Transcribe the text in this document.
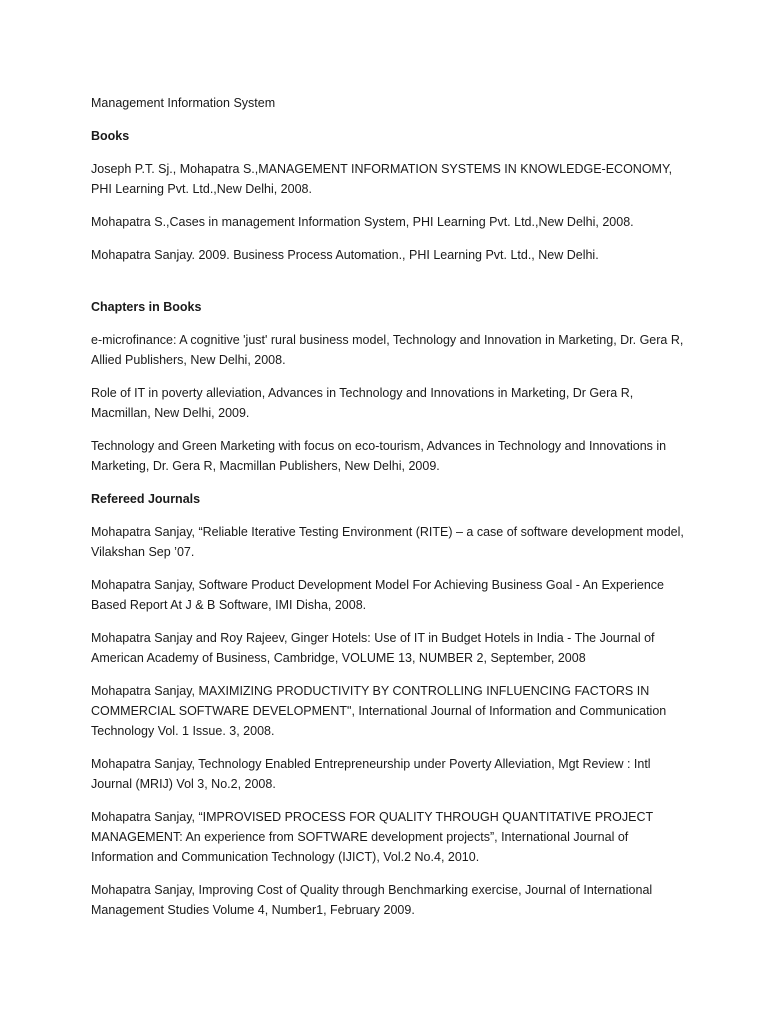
Management Information System

Books

Joseph P.T. Sj., Mohapatra S.,MANAGEMENT INFORMATION SYSTEMS IN KNOWLEDGE-ECONOMY, PHI Learning Pvt. Ltd.,New Delhi, 2008.

Mohapatra S.,Cases in management Information System, PHI Learning Pvt. Ltd.,New Delhi, 2008.

Mohapatra Sanjay. 2009. Business Process Automation., PHI Learning Pvt. Ltd., New Delhi.

Chapters in Books

e-microfinance: A cognitive 'just' rural business model, Technology and Innovation in Marketing, Dr. Gera R, Allied Publishers, New Delhi, 2008.

Role of IT in poverty alleviation, Advances in Technology and Innovations in Marketing, Dr Gera R, Macmillan, New Delhi, 2009.

Technology and Green Marketing with focus on eco-tourism, Advances in Technology and Innovations in Marketing, Dr. Gera R, Macmillan Publishers, New Delhi, 2009.

Refereed Journals

Mohapatra Sanjay, “Reliable Iterative Testing Environment (RITE) – a case of software development model, Vilakshan Sep ’07.

Mohapatra Sanjay, Software Product Development Model For Achieving Business Goal - An Experience Based Report At J & B Software, IMI Disha, 2008.

Mohapatra Sanjay and Roy Rajeev, Ginger Hotels: Use of IT in Budget Hotels in India - The Journal of American Academy of Business, Cambridge, VOLUME 13, NUMBER 2, September, 2008

Mohapatra Sanjay, MAXIMIZING PRODUCTIVITY BY CONTROLLING INFLUENCING FACTORS IN COMMERCIAL SOFTWARE DEVELOPMENT", International Journal of Information and Communication Technology Vol. 1 Issue. 3, 2008.

Mohapatra Sanjay, Technology Enabled Entrepreneurship under Poverty Alleviation, Mgt Review : Intl Journal (MRIJ) Vol 3, No.2, 2008.

Mohapatra Sanjay, “IMPROVISED PROCESS FOR QUALITY THROUGH QUANTITATIVE PROJECT MANAGEMENT: An experience from SOFTWARE development projects”, International Journal of Information and Communication Technology (IJICT), Vol.2 No.4, 2010.

Mohapatra Sanjay, Improving Cost of Quality through Benchmarking exercise, Journal of International Management Studies Volume 4, Number1, February 2009.
